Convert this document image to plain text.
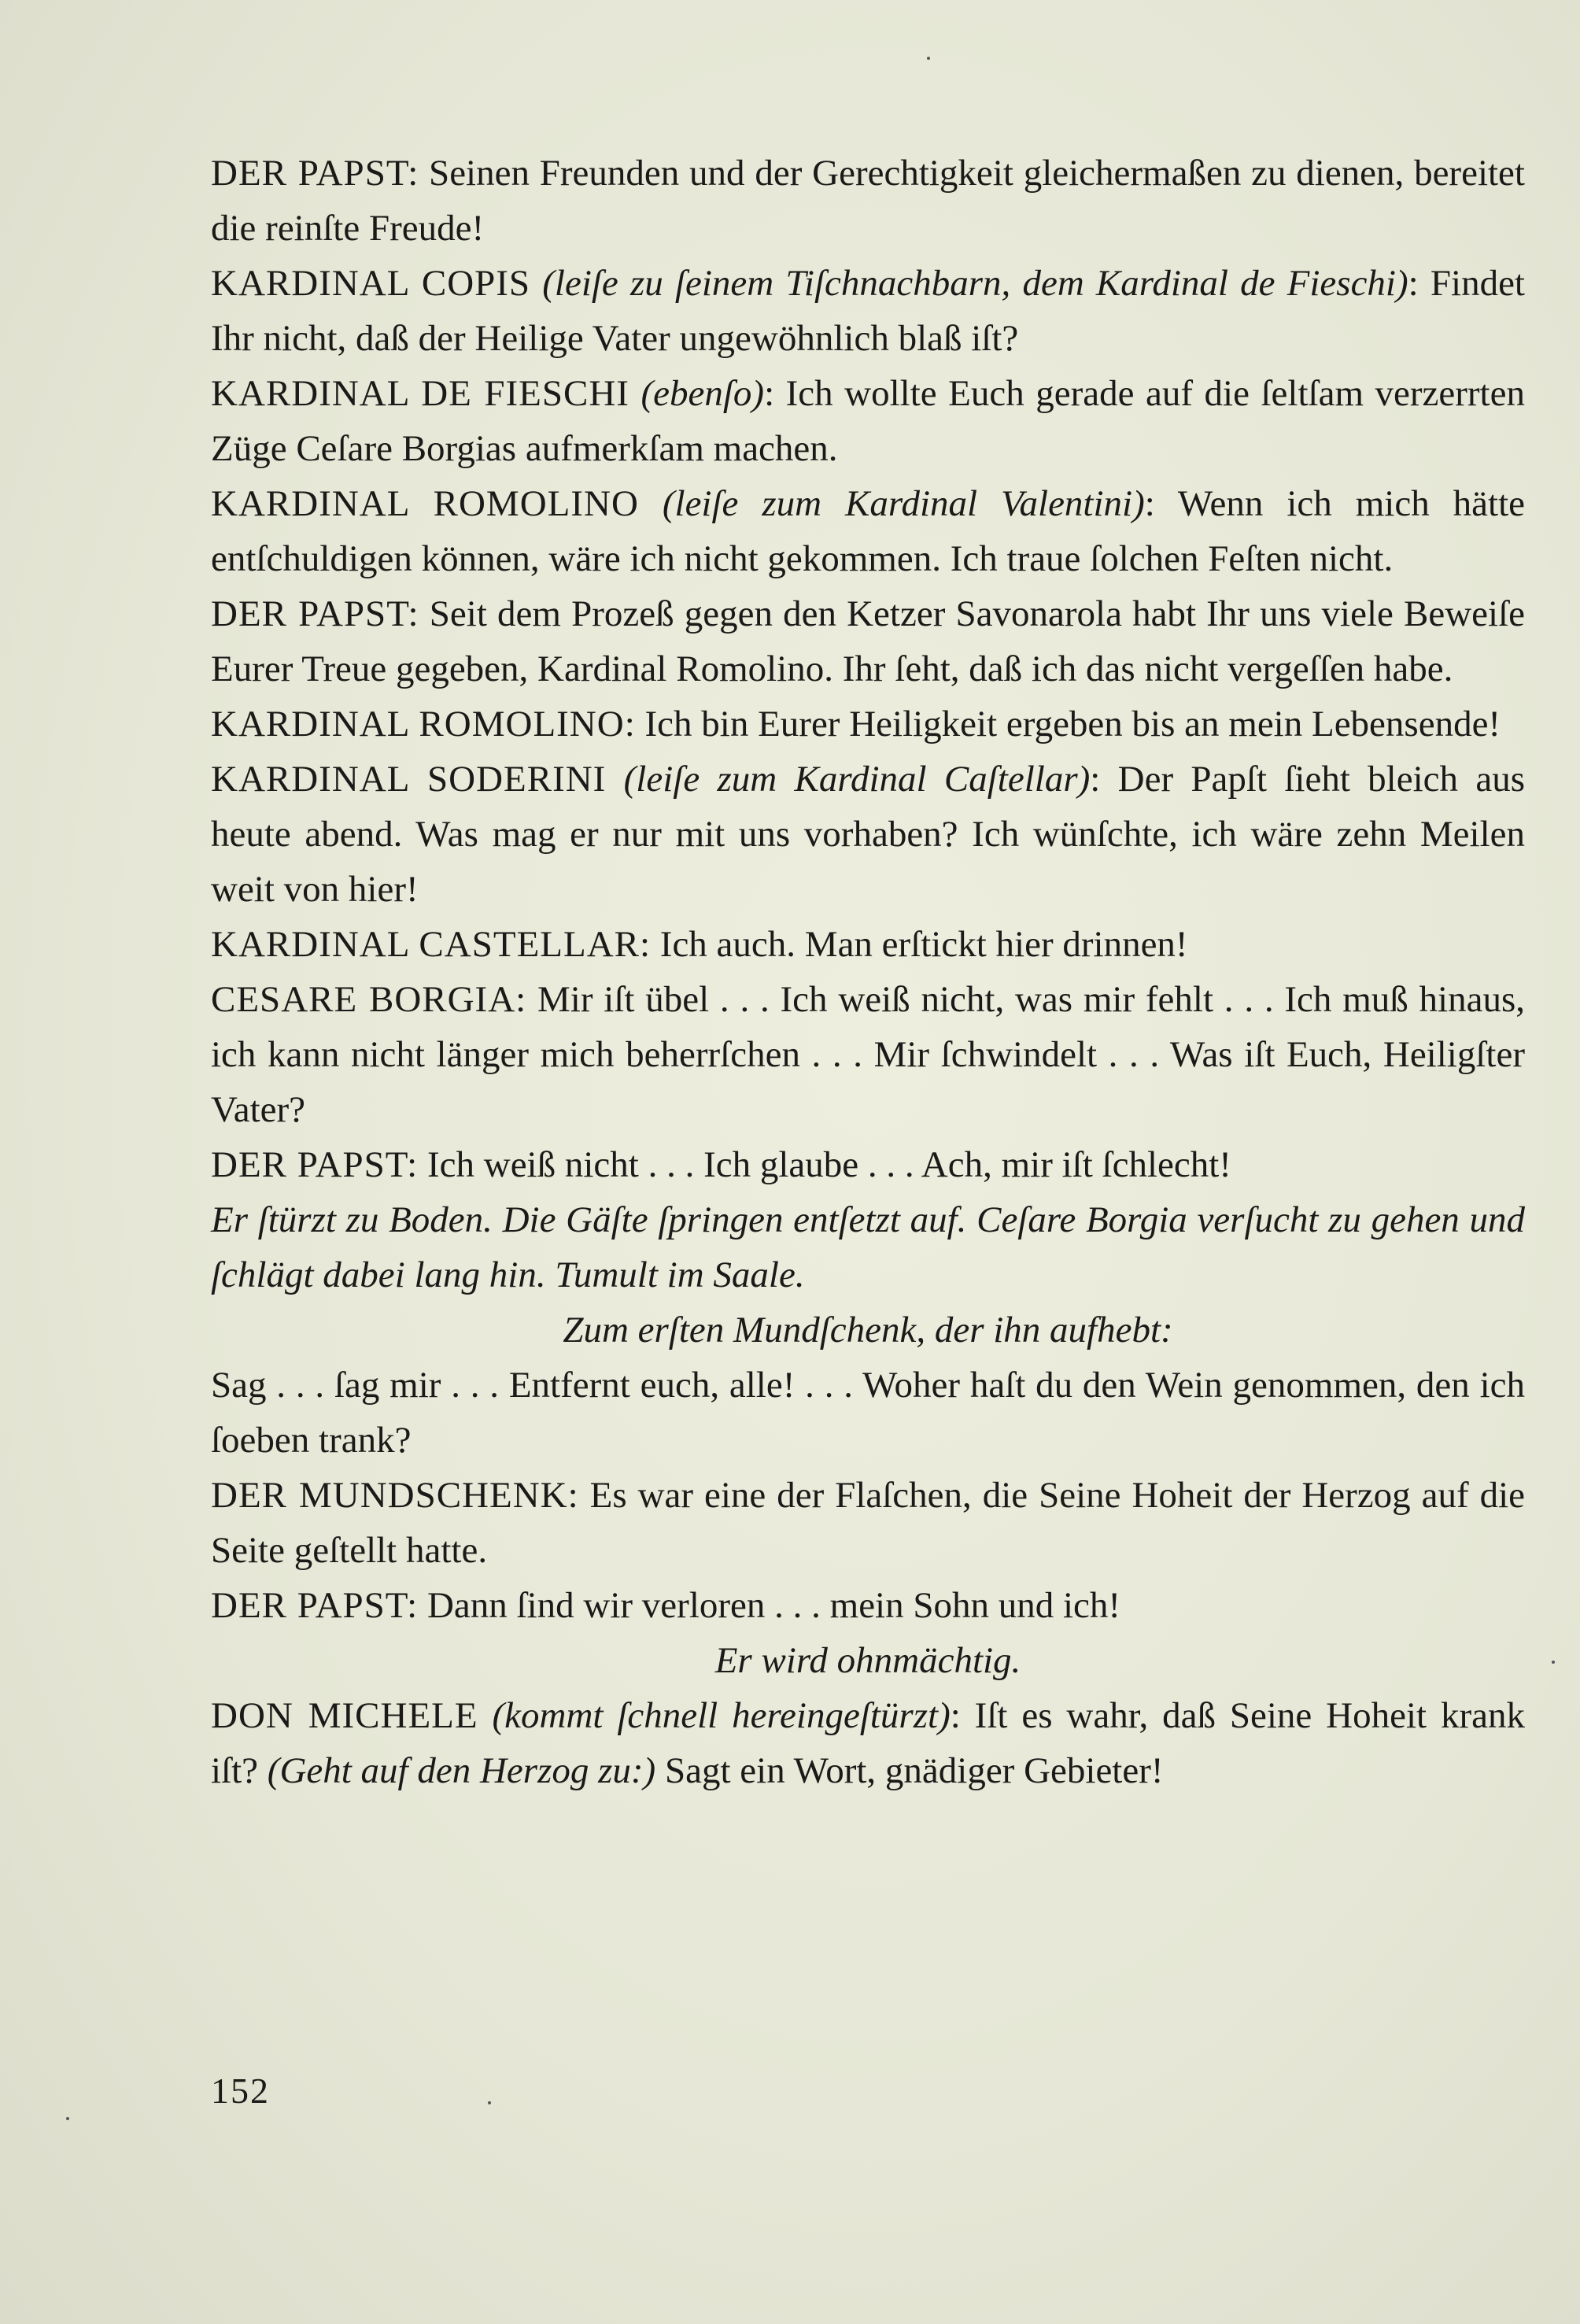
DER PAPST: Seinen Freunden und der Gerechtigkeit gleichermaßen zu dienen, bereitet die reinſte Freude!

KARDINAL COPIS (leiſe zu ſeinem Tiſchnachbarn, dem Kardinal de Fieschi): Findet Ihr nicht, daß der Heilige Vater ungewöhnlich blaß iſt?

KARDINAL DE FIESCHI (ebenſo): Ich wollte Euch gerade auf die ſeltſam verzerrten Züge Ceſare Borgias aufmerkſam machen.

KARDINAL ROMOLINO (leiſe zum Kardinal Valentini): Wenn ich mich hätte entſchuldigen können, wäre ich nicht gekommen. Ich traue ſolchen Feſten nicht.

DER PAPST: Seit dem Prozeß gegen den Ketzer Savonarola habt Ihr uns viele Beweiſe Eurer Treue gegeben, Kardinal Romolino. Ihr ſeht, daß ich das nicht vergeſſen habe.

KARDINAL ROMOLINO: Ich bin Eurer Heiligkeit ergeben bis an mein Lebensende!

KARDINAL SODERINI (leiſe zum Kardinal Caſtellar): Der Papſt ſieht bleich aus heute abend. Was mag er nur mit uns vorhaben? Ich wünſchte, ich wäre zehn Meilen weit von hier!

KARDINAL CASTELLAR: Ich auch. Man erſtickt hier drinnen!

CESARE BORGIA: Mir iſt übel . . . Ich weiß nicht, was mir fehlt . . . Ich muß hinaus, ich kann nicht länger mich beherrſchen . . . Mir ſchwindelt . . . Was iſt Euch, Heiligſter Vater?

DER PAPST: Ich weiß nicht . . . Ich glaube . . . Ach, mir iſt ſchlecht!

Er ſtürzt zu Boden. Die Gäſte ſpringen entſetzt auf. Ceſare Borgia verſucht zu gehen und ſchlägt dabei lang hin. Tumult im Saale.

Zum erſten Mundſchenk, der ihn aufhebt:

Sag . . . ſag mir . . . Entfernt euch, alle! . . . Woher haſt du den Wein genommen, den ich ſoeben trank?

DER MUNDSCHENK: Es war eine der Flaſchen, die Seine Hoheit der Herzog auf die Seite geſtellt hatte.

DER PAPST: Dann ſind wir verloren . . . mein Sohn und ich!

Er wird ohnmächtig.

DON MICHELE (kommt ſchnell hereingeſtürzt): Iſt es wahr, daß Seine Hoheit krank iſt? (Geht auf den Herzog zu:) Sagt ein Wort, gnädiger Gebieter!

152
